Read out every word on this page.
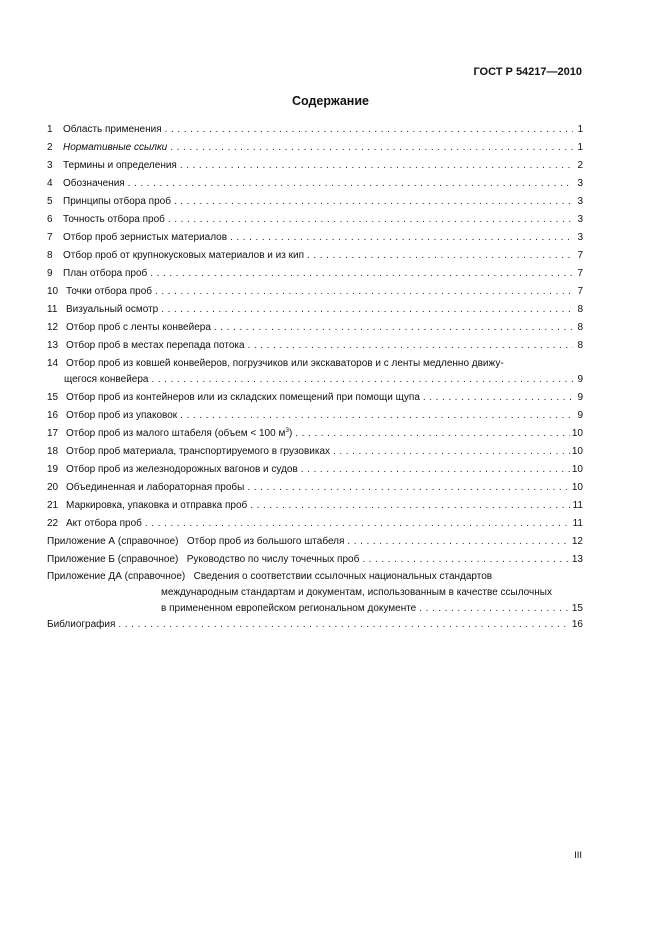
ГОСТ Р 54217—2010
Содержание
1 Область применения . . .	1
2 Нормативные ссылки . . .	1
3 Термины и определения . . .	2
4 Обозначения . . .	3
5 Принципы отбора проб . . .	3
6 Точность отбора проб . . .	3
7 Отбор проб зернистых материалов . . .	3
8 Отбор проб от крупнокусковых материалов и из кип . . .	7
9 План отбора проб . . .	7
10 Точки отбора проб . . .	7
11 Визуальный осмотр . . .	8
12 Отбор проб с ленты конвейера . . .	8
13 Отбор проб в местах перепада потока . . .	8
14 Отбор проб из ковшей конвейеров, погрузчиков или экскаваторов и с ленты медленно движу-
щегося конвейера . . .	9
15 Отбор проб из контейнеров или из складских помещений при помощи щупа . . .	9
16 Отбор проб из упаковок . . .	9
17 Отбор проб из малого штабеля (объем < 100 $м^3$) . . .	10
18 Отбор проб материала, транспортируемого в грузовиках . . .	10
19 Отбор проб из железнодорожных вагонов и судов . . .	10
20 Объединенная и лабораторная пробы . . .	10
21 Маркировка, упаковка и отправка проб . . .	11
22 Акт отбора проб . . .	11
Приложение А (справочное) Отбор проб из большого штабеля . . .	12
Приложение Б (справочное) Руководство по числу точечных проб . . .	13
Приложение ДА (справочное) Сведения о соответствии ссылочных национальных стандартов
международным стандартам и документам, использованным в качестве ссылочных
в примененном европейском региональном документе . . .	15
Библиография . . .	16
III
